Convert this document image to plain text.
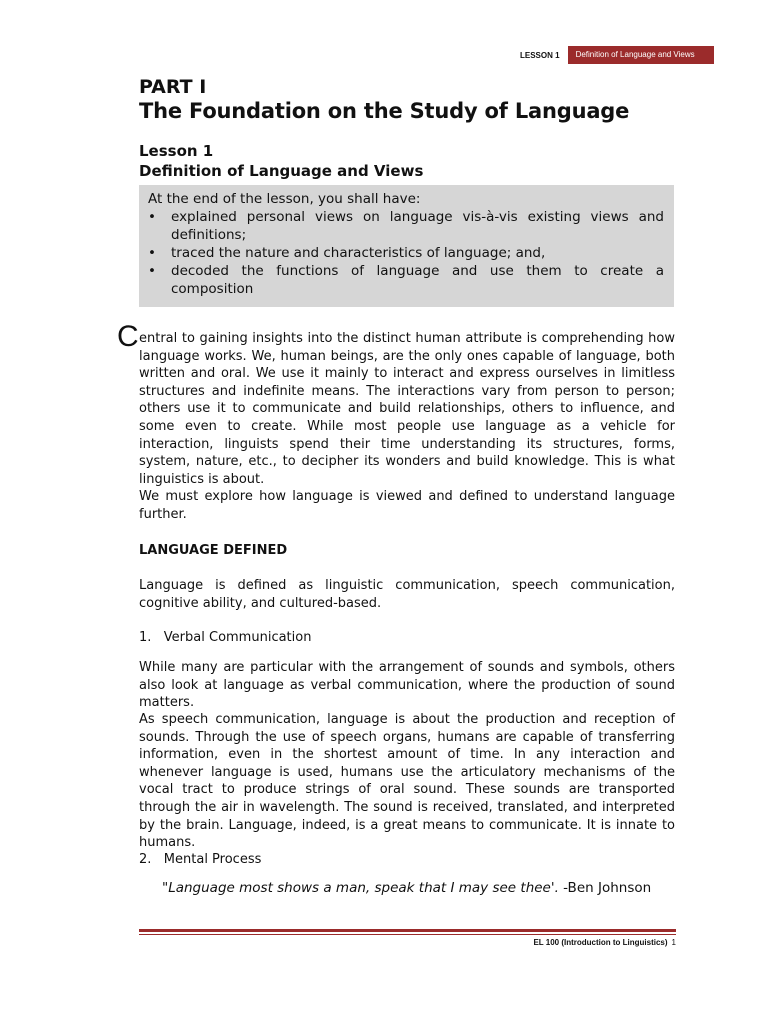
LESSON 1	Definition of Language and Views
PART I
The Foundation on the Study of Language
Lesson 1
Definition of Language and Views
At the end of the lesson, you shall have:
• explained personal views on language vis-à-vis existing views and definitions;
• traced the nature and characteristics of language; and,
• decoded the functions of language and use them to create a composition
C entral to gaining insights into the distinct human attribute is comprehending how language works. We, human beings, are the only ones capable of language, both written and oral. We use it mainly to interact and express ourselves in limitless structures and indefinite means. The interactions vary from person to person; others use it to communicate and build relationships, others to influence, and some even to create. While most people use language as a vehicle for interaction, linguists spend their time understanding its structures, forms, system, nature, etc., to decipher its wonders and build knowledge. This is what linguistics is about.

We must explore how language is viewed and defined to understand language further.

LANGUAGE DEFINED

Language is defined as linguistic communication, speech communication, cognitive ability, and cultured-based.

1.   Verbal Communication

While many are particular with the arrangement of sounds and symbols, others also look at language as verbal communication, where the production of sound matters.

As speech communication, language is about the production and reception of sounds. Through the use of speech organs, humans are capable of transferring information, even in the shortest amount of time. In any interaction and whenever language is used, humans use the articulatory mechanisms of the vocal tract to produce strings of oral sound. These sounds are transported through the air in wavelength. The sound is received, translated, and interpreted by the brain. Language, indeed, is a great means to communicate. It is innate to humans.

2.   Mental Process
"Language most shows a man, speak that I may see thee'. -Ben Johnson
EL 100 (Introduction to Linguistics) 1
